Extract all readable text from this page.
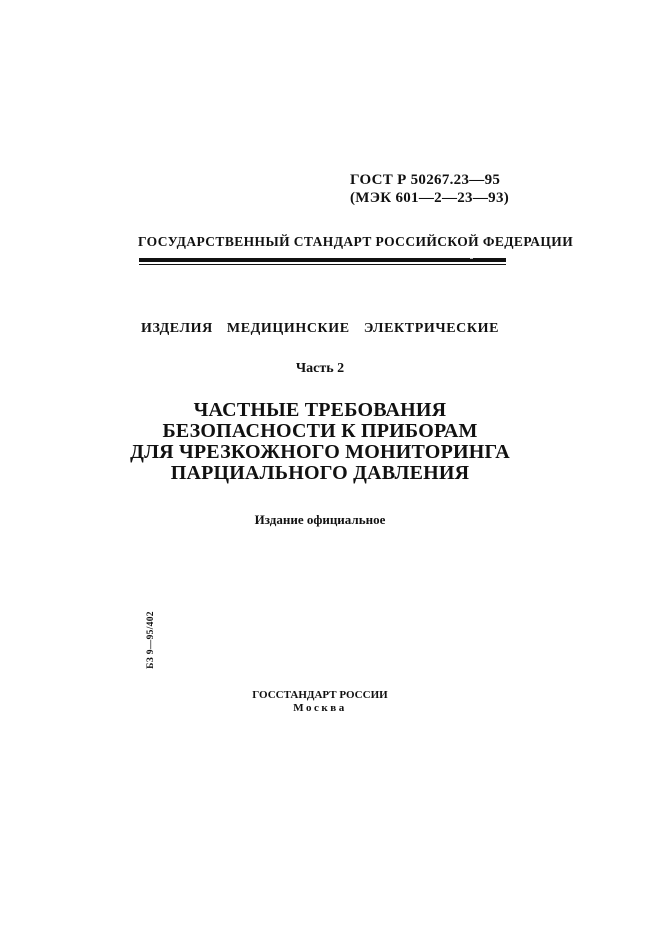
ГОСТ Р 50267.23—95
(МЭК 601—2—23—93)
ГОСУДАРСТВЕННЫЙ СТАНДАРТ РОССИЙСКОЙ ФЕДЕРАЦИИ
ИЗДЕЛИЯ МЕДИЦИНСКИЕ ЭЛЕКТРИЧЕСКИЕ
Часть 2
ЧАСТНЫЕ ТРЕБОВАНИЯ
БЕЗОПАСНОСТИ К ПРИБОРАМ
ДЛЯ ЧРЕЗКОЖНОГО МОНИТОРИНГА
ПАРЦИАЛЬНОГО ДАВЛЕНИЯ
Издание официальное
БЗ 9—95/402
ГОССТАНДАРТ РОССИИ
Москва
